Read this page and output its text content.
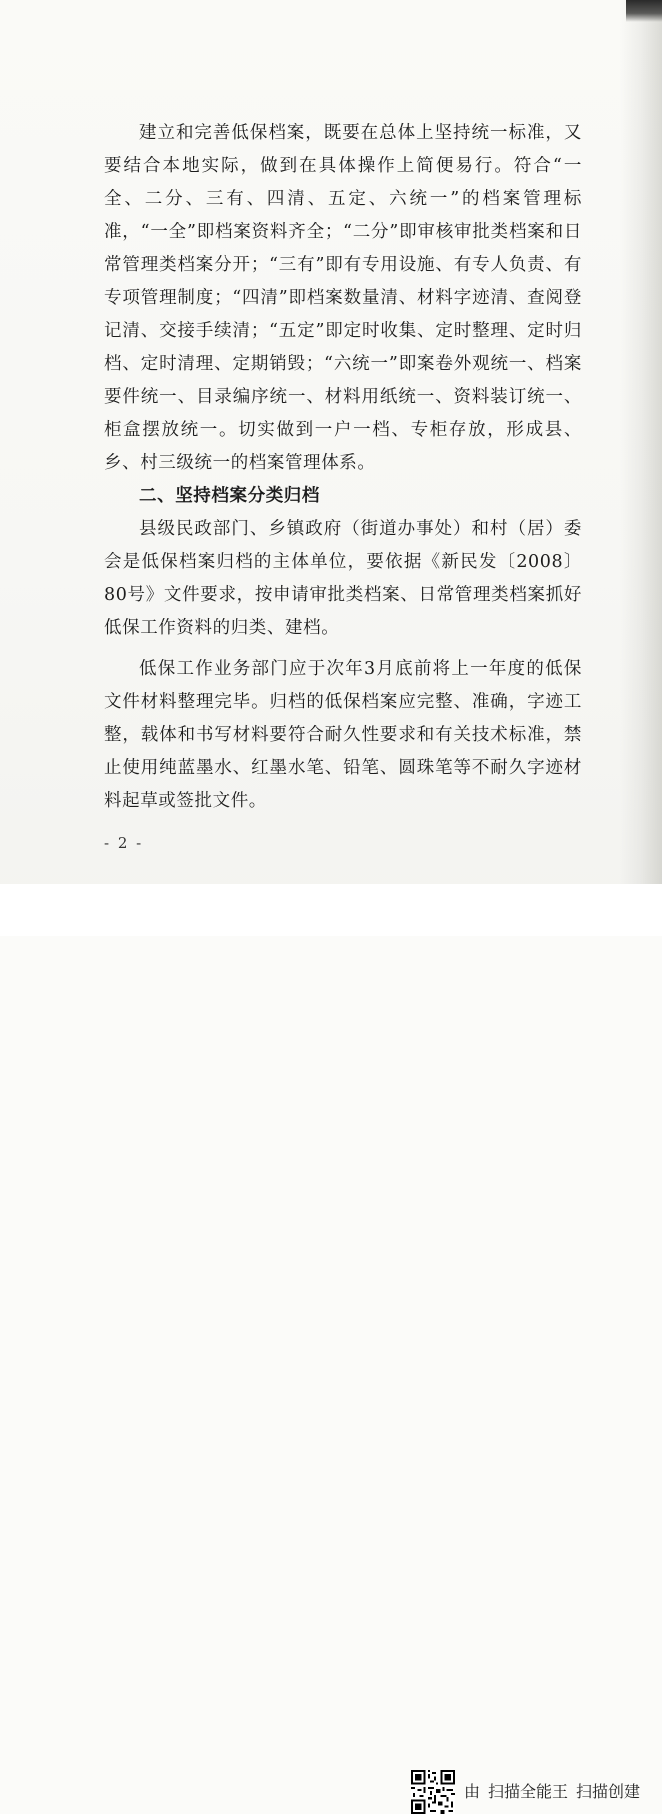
建立和完善低保档案，既要在总体上坚持统一标准，又要结合本地实际，做到在具体操作上简便易行。符合“一全、二分、三有、四清、五定、六统一”的档案管理标准，“一全”即档案资料齐全；“二分”即审核审批类档案和日常管理类档案分开；“三有”即有专用设施、有专人负责、有专项管理制度；“四清”即档案数量清、材料字迹清、查阅登记清、交接手续清；“五定”即定时收集、定时整理、定时归档、定时清理、定期销毁；“六统一”即案卷外观统一、档案要件统一、目录编序统一、材料用纸统一、资料装订统一、柜盒摆放统一。切实做到一户一档、专柜存放，形成县、乡、村三级统一的档案管理体系。

二、坚持档案分类归档

县级民政部门、乡镇政府（街道办事处）和村（居）委会是低保档案归档的主体单位，要依据《新民发〔2008〕80号》文件要求，按申请审批类档案、日常管理类档案抓好低保工作资料的归类、建档。

低保工作业务部门应于次年3月底前将上一年度的低保文件材料整理完毕。归档的低保档案应完整、准确，字迹工整，载体和书写材料要符合耐久性要求和有关技术标准，禁止使用纯蓝墨水、红墨水笔、铅笔、圆珠笔等不耐久字迹材料起草或签批文件。

- 2 -
由 扫描全能王 扫描创建
